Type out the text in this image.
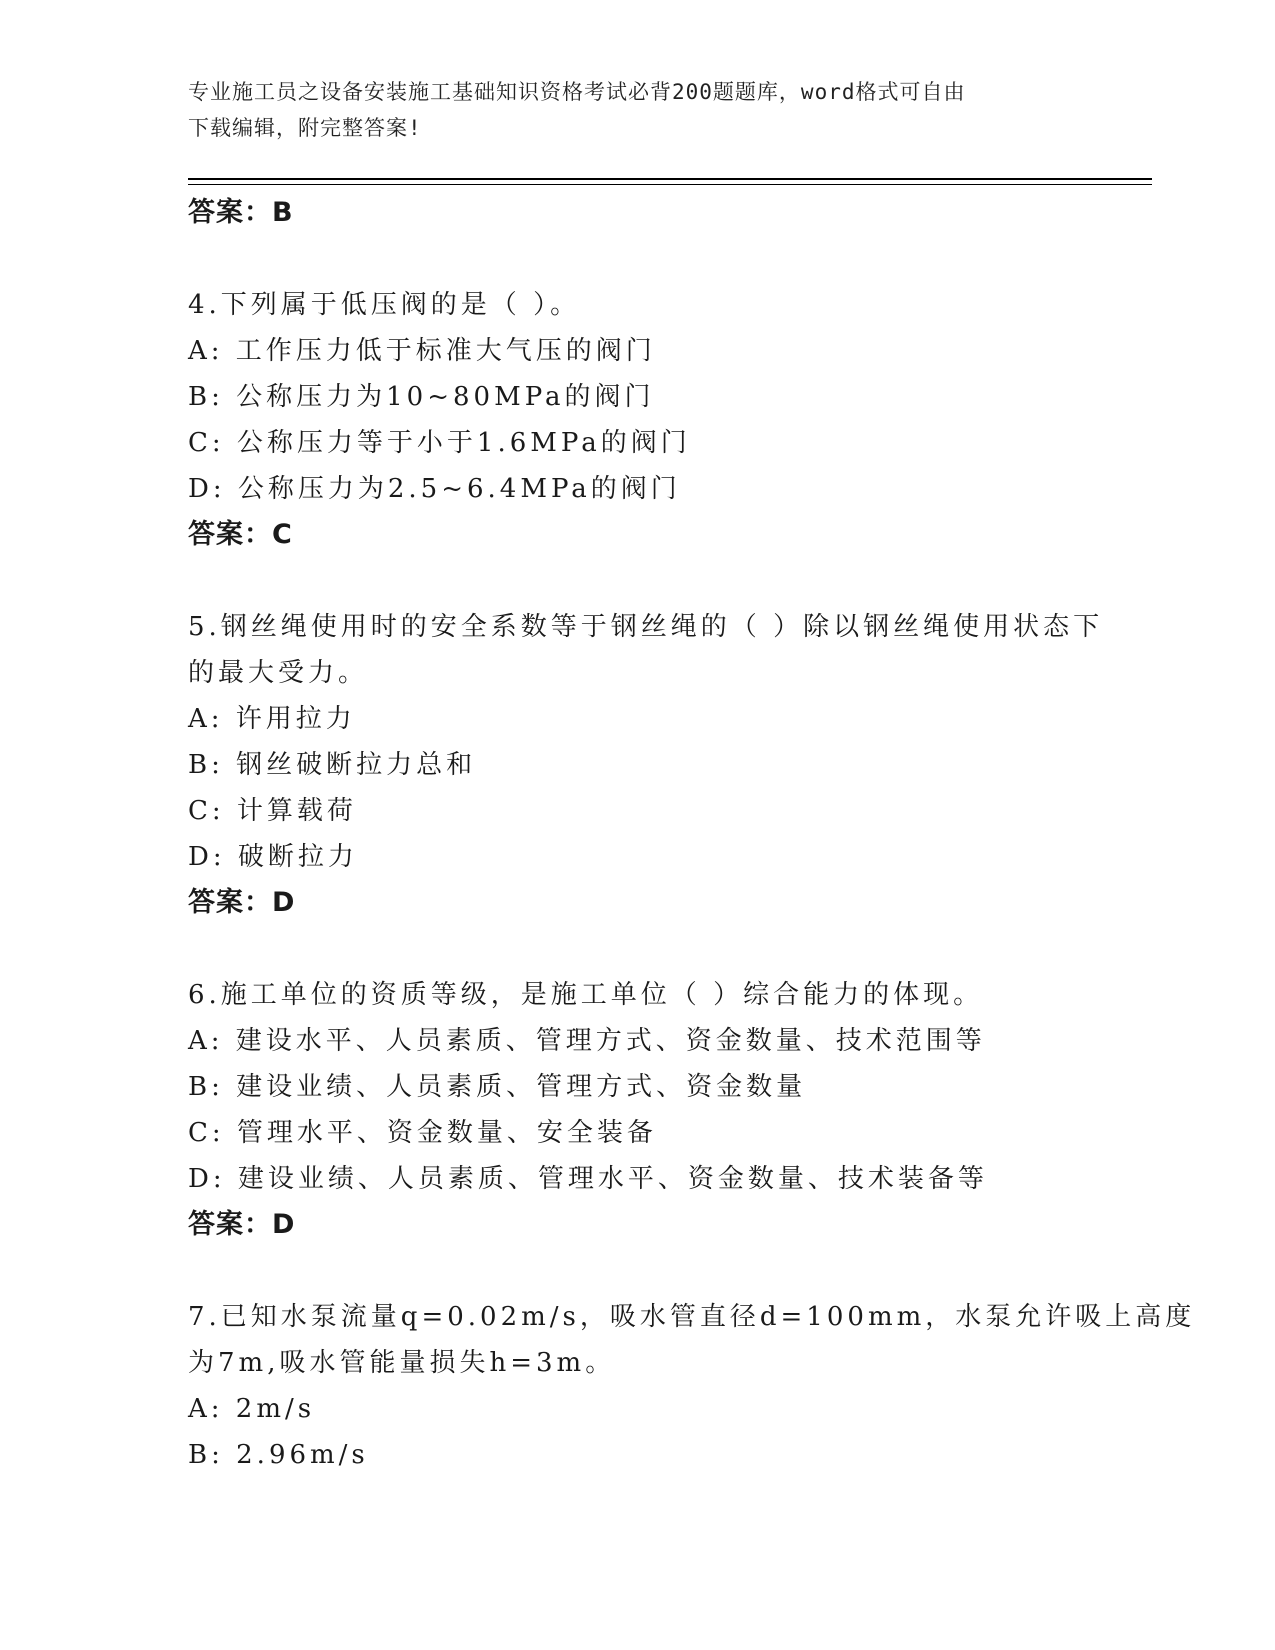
专业施工员之设备安装施工基础知识资格考试必背200题题库，word格式可自由
下载编辑，附完整答案!
答案：B
4.下列属于低压阀的是（ ）。
A: 工作压力低于标准大气压的阀门
B: 公称压力为10~80MPa的阀门
C: 公称压力等于小于1.6MPa的阀门
D: 公称压力为2.5~6.4MPa的阀门
答案：C
5.钢丝绳使用时的安全系数等于钢丝绳的（ ）除以钢丝绳使用状态下
的最大受力。
A: 许用拉力
B: 钢丝破断拉力总和
C: 计算载荷
D: 破断拉力
答案：D
6.施工单位的资质等级，是施工单位（ ）综合能力的体现。
A: 建设水平、人员素质、管理方式、资金数量、技术范围等
B: 建设业绩、人员素质、管理方式、资金数量
C: 管理水平、资金数量、安全装备
D: 建设业绩、人员素质、管理水平、资金数量、技术装备等
答案：D
7.已知水泵流量q=0.02m/s，吸水管直径d=100mm，水泵允许吸上高度
为7m,吸水管能量损失h=3m。
A: 2m/s
B: 2.96m/s
